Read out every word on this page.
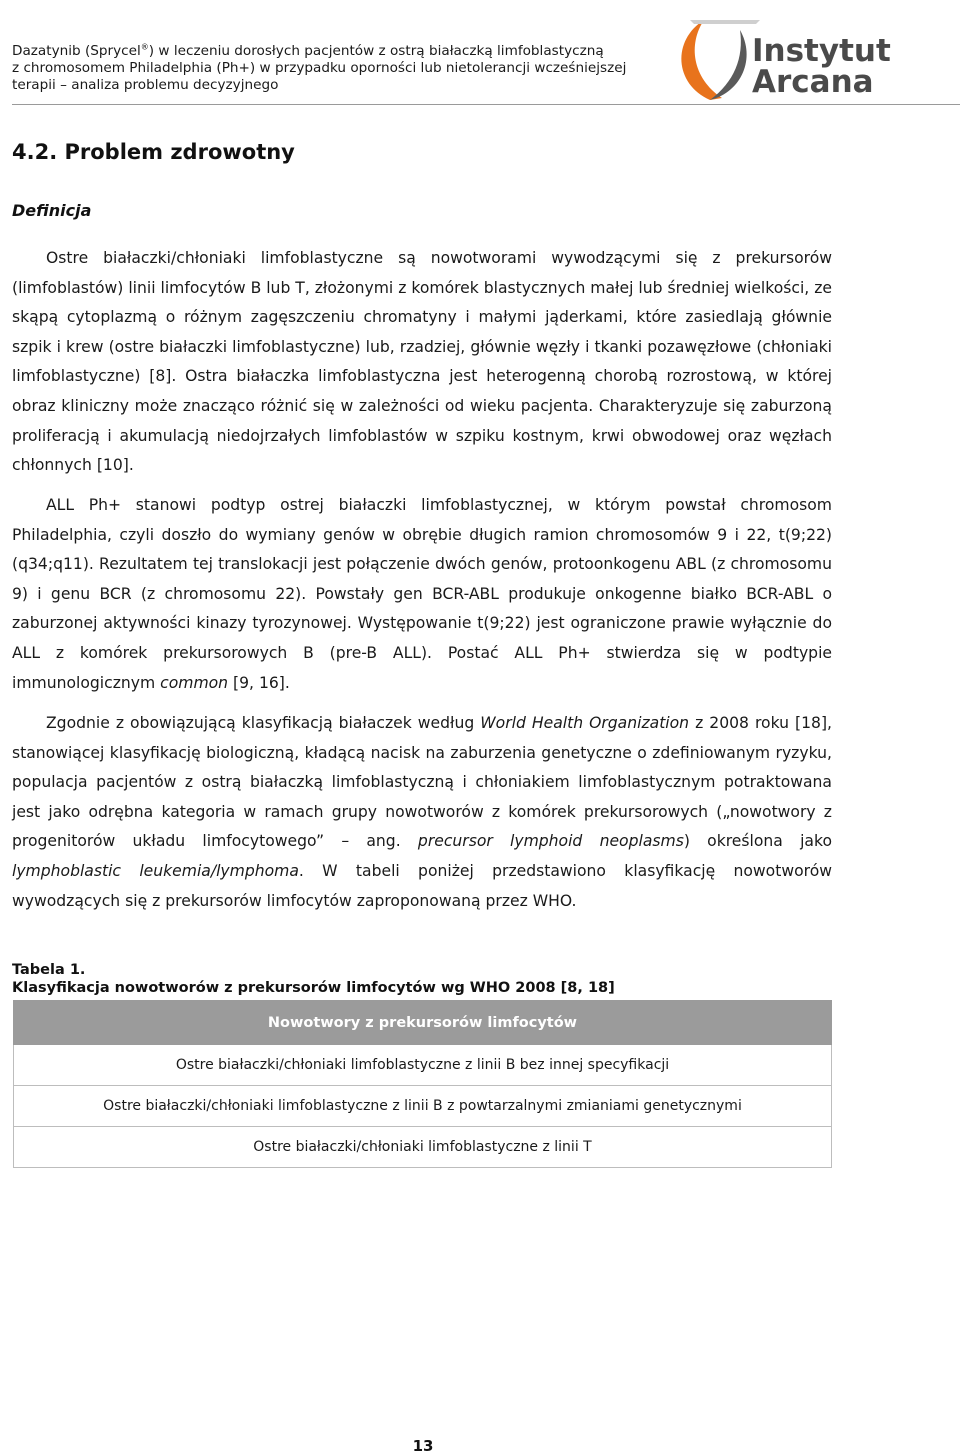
Dazatynib (Sprycel®) w leczeniu dorosłych pacjentów z ostrą białaczką limfoblastyczną
z chromosomem Philadelphia (Ph+) w przypadku oporności lub nietolerancji wcześniejszej
terapii – analiza problemu decyzyjnego
Instytut
Arcana
4.2. Problem zdrowotny
Definicja

Ostre białaczki/chłoniaki limfoblastyczne są nowotworami wywodzącymi się z prekursorów (limfoblastów) linii limfocytów B lub T, złożonymi z komórek blastycznych małej lub średniej wielkości, ze skąpą cytoplazmą o różnym zagęszczeniu chromatyny i małymi jąderkami, które zasiedlają głównie szpik i krew (ostre białaczki limfoblastyczne) lub, rzadziej, głównie węzły i tkanki pozawęzłowe (chłoniaki limfoblastyczne) [8]. Ostra białaczka limfoblastyczna jest heterogenną chorobą rozrostową, w której obraz kliniczny może znacząco różnić się w zależności od wieku pacjenta. Charakteryzuje się zaburzoną proliferacją i akumulacją niedojrzałych limfoblastów w szpiku kostnym, krwi obwodowej oraz węzłach chłonnych [10].

ALL Ph+ stanowi podtyp ostrej białaczki limfoblastycznej, w którym powstał chromosom Philadelphia, czyli doszło do wymiany genów w obrębie długich ramion chromosomów 9 i 22, t(9;22)(q34;q11). Rezultatem tej translokacji jest połączenie dwóch genów, protoonkogenu ABL (z chromosomu 9) i genu BCR (z chromosomu 22). Powstały gen BCR-ABL produkuje onkogenne białko BCR-ABL o zaburzonej aktywności kinazy tyrozynowej. Występowanie t(9;22) jest ograniczone prawie wyłącznie do ALL z komórek prekursorowych B (pre-B ALL). Postać ALL Ph+ stwierdza się w podtypie immunologicznym common [9, 16].

Zgodnie z obowiązującą klasyfikacją białaczek według World Health Organization z 2008 roku [18], stanowiącej klasyfikację biologiczną, kładącą nacisk na zaburzenia genetyczne o zdefiniowanym ryzyku, populacja pacjentów z ostrą białaczką limfoblastyczną i chłoniakiem limfoblastycznym potraktowana jest jako odrębna kategoria w ramach grupy nowotworów z komórek prekursorowych („nowotwory z progenitorów układu limfocytowego” – ang. precursor lymphoid neoplasms) określona jako lymphoblastic leukemia/lymphoma. W tabeli poniżej przedstawiono klasyfikację nowotworów wywodzących się z prekursorów limfocytów zaproponowaną przez WHO.

Tabela 1.
Klasyfikacja nowotworów z prekursorów limfocytów wg WHO 2008 [8, 18]
Nowotwory z prekursorów limfocytów
Ostre białaczki/chłoniaki limfoblastyczne z linii B bez innej specyfikacji
Ostre białaczki/chłoniaki limfoblastyczne z linii B z powtarzalnymi zmianiami genetycznymi
Ostre białaczki/chłoniaki limfoblastyczne z linii T
13
